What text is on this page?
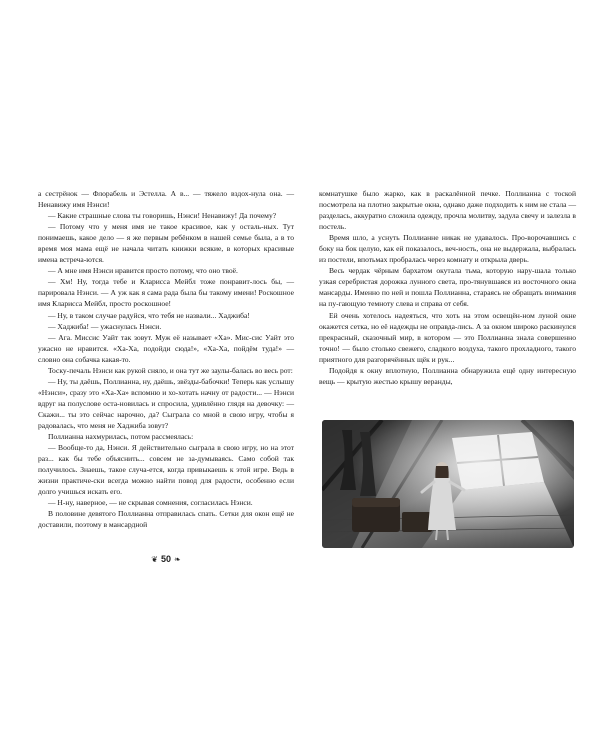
а сестрёнок — Флорабель и Эстелла. А в... — тяжело вздох-нула она. — Ненавижу имя Нэнси!

— Какие страшные слова ты говоришь, Нэнси! Ненавижу! Да почему?

— Потому что у меня имя не такое красивое, как у осталь-ных. Тут понимаешь, какое дело — я же первым ребёнком в нашей семье была, а в то время моя мама ещё не начала читать книжки всякие, в которых красивые имена встреча-ются.

— А мне имя Нэнси нравится просто потому, что оно твоё.

— Хм! Ну, тогда тебе и Кларисса Мейбл тоже понравит-лось бы, — парировала Нэнси. — А уж как я сама рада была бы такому имени! Роскошное имя Кларисса Мейбл, просто роскошное!

— Ну, в таком случае радуйся, что тебя не назвали... Хаджиба!

— Хаджиба! — ужаснулась Нэнси.

— Ага. Миссис Уайт так зовут. Муж её называет «Ха». Мис-сис Уайт это ужасно не нравится. «Ха-Ха, подойди сюда!», «Ха-Ха, пойдём туда!» — словно она собачка какая-то.

Тоску-печаль Нэнси как рукой сняло, и она тут же заулы-балась во весь рот:

— Ну, ты даёшь, Поллианна, ну, даёшь, звёзды-бабочки! Теперь как услышу «Нэнси», сразу это «Ха-Ха» вспомню и хо-хотать начну от радости... — Нэнси вдруг на полуслове оста-новилась и спросила, удивлённо глядя на девочку: — Скажи... ты это сейчас нарочно, да? Сыграла со мной в свою игру, чтобы я радовалась, что меня не Хаджиба зовут?

Поллианна нахмурилась, потом рассмеялась:

— Вообще-то да, Нэнси. Я действительно сыграла в свою игру, но на этот раз... как бы тебе объяснить... совсем не за-думываясь. Само собой так получилось. Знаешь, такое случа-ется, когда привыкаешь к этой игре. Ведь в жизни практиче-ски всегда можно найти повод для радости, особенно если долго учишься искать его.

— Н-ну, наверное, — не скрывая сомнения, согласилась Нэнси.

В половине девятого Поллианна отправилась спать. Сетки для окон ещё не доставили, поэтому в мансардной

❦ 50 ❧

комнатушке было жарко, как в раскалённой печке. Поллианна с тоской посмотрела на плотно закрытые окна, однако даже подходить к ним не стала — разделась, аккуратно сложила одежду, прочла молитву, задула свечу и залезла в постель.

Время шло, а уснуть Поллианне никак не удавалось. Про-ворочавшись с боку на бок целую, как ей показалось, веч-ность, она не выдержала, выбралась из постели, впотьмах пробралась через комнату и открыла дверь.

Весь чердак чёрным бархатом окутала тьма, которую нару-шала только узкая серебристая дорожка лунного света, про-тянувшаяся из восточного окна мансарды. Именно по ней и пошла Поллианна, стараясь не обращать внимания на пу-гающую темноту слева и справа от себя.

Ей очень хотелось надеяться, что хоть на этом освещён-ном луной окне окажется сетка, но её надежды не оправда-лись. А за окном широко раскинулся прекрасный, сказочный мир, в котором — это Поллианна знала совершенно точно! — было столько свежего, сладкого воздуха, такого прохладного, такого приятного для разгорячённых щёк и рук...

Подойдя к окну вплотную, Поллианна обнаружила ещё одну интересную вещь — крытую жестью крышу веранды,
